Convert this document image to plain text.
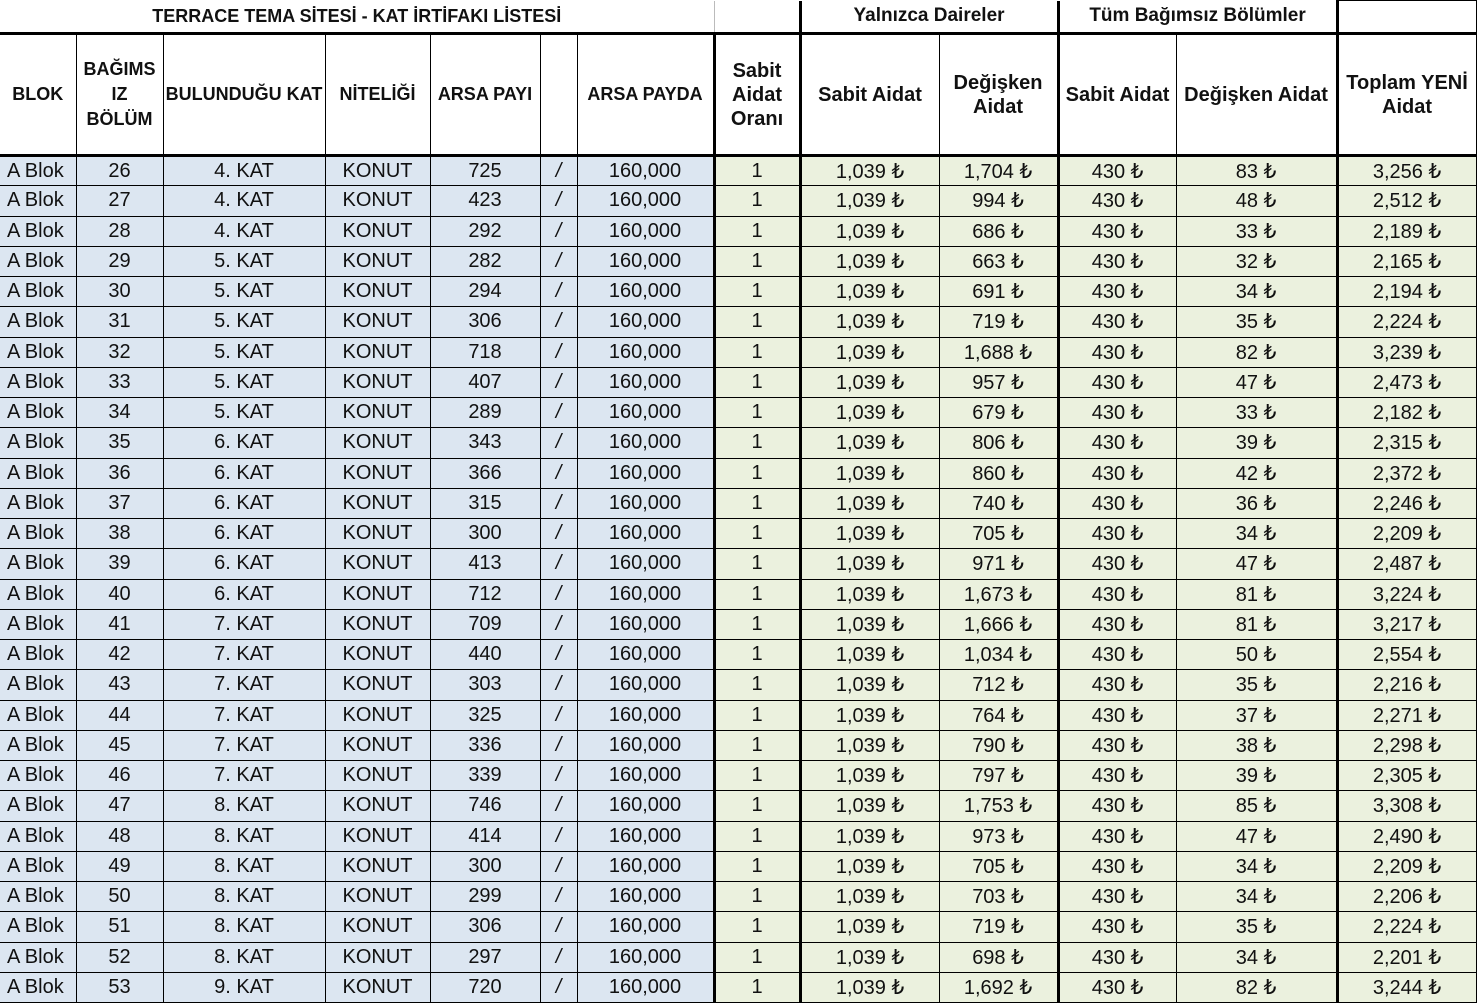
TERRACE TEMA SİTESİ - KAT İRTİFAKI LİSTESİ								Yalnızca Daireler		Tüm Bağımsız Bölümler		
BLOK	BAĞIMS IZ BÖLÜM	BULUNDUĞU KAT	NİTELİĞİ	ARSA PAYI		ARSA PAYDA	Sabit Aidat Oranı	Sabit Aidat	Değişken Aidat	Sabit Aidat	Değişken Aidat	Toplam YENİ Aidat
A Blok	26	4. KAT	KONUT	725	/	160,000	1	1,039 ₺	1,704 ₺	430 ₺	83 ₺	3,256 ₺
A Blok	27	4. KAT	KONUT	423	/	160,000	1	1,039 ₺	994 ₺	430 ₺	48 ₺	2,512 ₺
A Blok	28	4. KAT	KONUT	292	/	160,000	1	1,039 ₺	686 ₺	430 ₺	33 ₺	2,189 ₺
A Blok	29	5. KAT	KONUT	282	/	160,000	1	1,039 ₺	663 ₺	430 ₺	32 ₺	2,165 ₺
A Blok	30	5. KAT	KONUT	294	/	160,000	1	1,039 ₺	691 ₺	430 ₺	34 ₺	2,194 ₺
A Blok	31	5. KAT	KONUT	306	/	160,000	1	1,039 ₺	719 ₺	430 ₺	35 ₺	2,224 ₺
A Blok	32	5. KAT	KONUT	718	/	160,000	1	1,039 ₺	1,688 ₺	430 ₺	82 ₺	3,239 ₺
A Blok	33	5. KAT	KONUT	407	/	160,000	1	1,039 ₺	957 ₺	430 ₺	47 ₺	2,473 ₺
A Blok	34	5. KAT	KONUT	289	/	160,000	1	1,039 ₺	679 ₺	430 ₺	33 ₺	2,182 ₺
A Blok	35	6. KAT	KONUT	343	/	160,000	1	1,039 ₺	806 ₺	430 ₺	39 ₺	2,315 ₺
A Blok	36	6. KAT	KONUT	366	/	160,000	1	1,039 ₺	860 ₺	430 ₺	42 ₺	2,372 ₺
A Blok	37	6. KAT	KONUT	315	/	160,000	1	1,039 ₺	740 ₺	430 ₺	36 ₺	2,246 ₺
A Blok	38	6. KAT	KONUT	300	/	160,000	1	1,039 ₺	705 ₺	430 ₺	34 ₺	2,209 ₺
A Blok	39	6. KAT	KONUT	413	/	160,000	1	1,039 ₺	971 ₺	430 ₺	47 ₺	2,487 ₺
A Blok	40	6. KAT	KONUT	712	/	160,000	1	1,039 ₺	1,673 ₺	430 ₺	81 ₺	3,224 ₺
A Blok	41	7. KAT	KONUT	709	/	160,000	1	1,039 ₺	1,666 ₺	430 ₺	81 ₺	3,217 ₺
A Blok	42	7. KAT	KONUT	440	/	160,000	1	1,039 ₺	1,034 ₺	430 ₺	50 ₺	2,554 ₺
A Blok	43	7. KAT	KONUT	303	/	160,000	1	1,039 ₺	712 ₺	430 ₺	35 ₺	2,216 ₺
A Blok	44	7. KAT	KONUT	325	/	160,000	1	1,039 ₺	764 ₺	430 ₺	37 ₺	2,271 ₺
A Blok	45	7. KAT	KONUT	336	/	160,000	1	1,039 ₺	790 ₺	430 ₺	38 ₺	2,298 ₺
A Blok	46	7. KAT	KONUT	339	/	160,000	1	1,039 ₺	797 ₺	430 ₺	39 ₺	2,305 ₺
A Blok	47	8. KAT	KONUT	746	/	160,000	1	1,039 ₺	1,753 ₺	430 ₺	85 ₺	3,308 ₺
A Blok	48	8. KAT	KONUT	414	/	160,000	1	1,039 ₺	973 ₺	430 ₺	47 ₺	2,490 ₺
A Blok	49	8. KAT	KONUT	300	/	160,000	1	1,039 ₺	705 ₺	430 ₺	34 ₺	2,209 ₺
A Blok	50	8. KAT	KONUT	299	/	160,000	1	1,039 ₺	703 ₺	430 ₺	34 ₺	2,206 ₺
A Blok	51	8. KAT	KONUT	306	/	160,000	1	1,039 ₺	719 ₺	430 ₺	35 ₺	2,224 ₺
A Blok	52	8. KAT	KONUT	297	/	160,000	1	1,039 ₺	698 ₺	430 ₺	34 ₺	2,201 ₺
A Blok	53	9. KAT	KONUT	720	/	160,000	1	1,039 ₺	1,692 ₺	430 ₺	82 ₺	3,244 ₺
